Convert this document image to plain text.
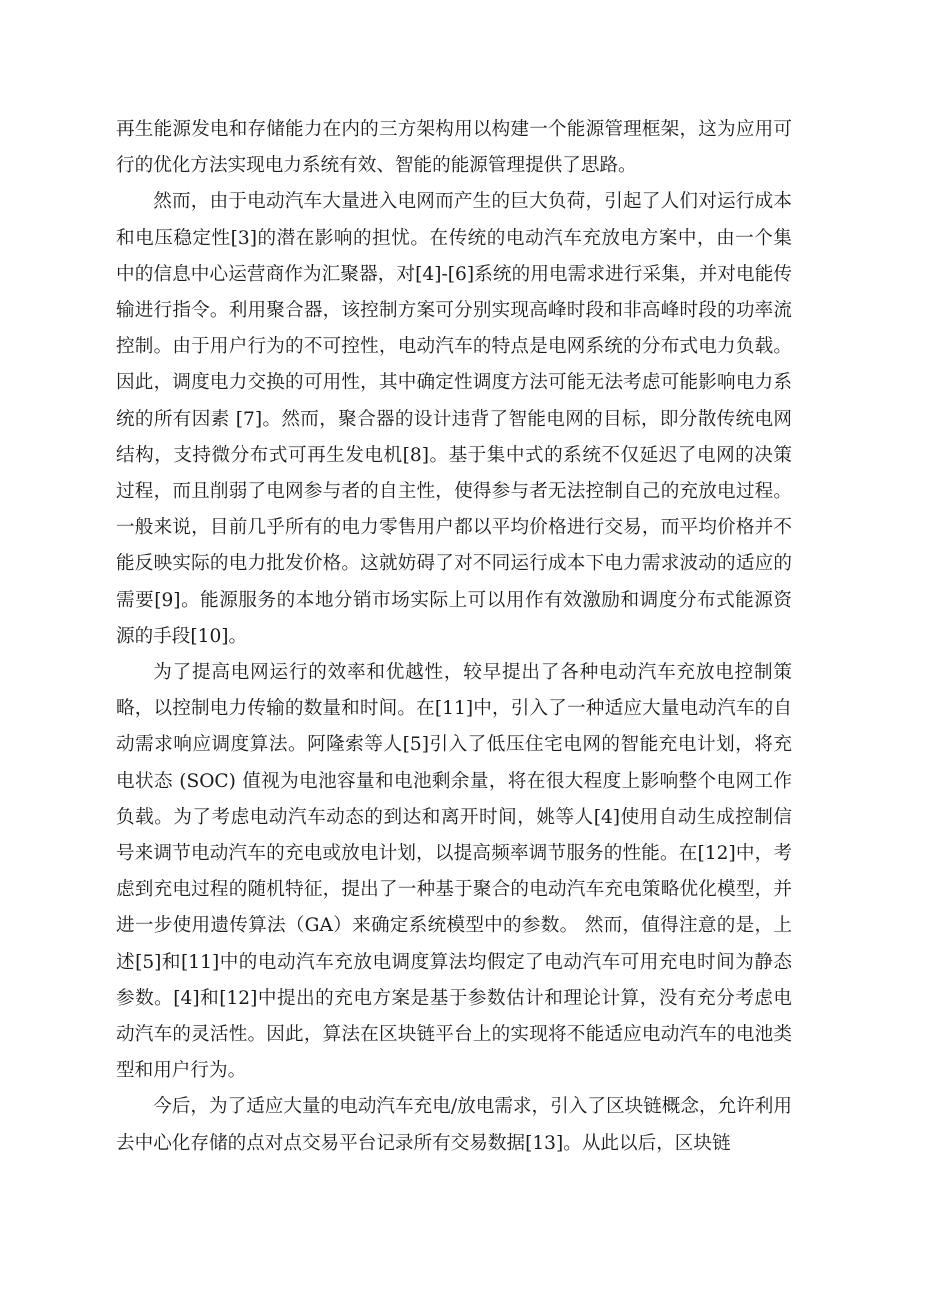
再生能源发电和存储能力在内的三方架构用以构建一个能源管理框架，这为应用可行的优化方法实现电力系统有效、智能的能源管理提供了思路。

然而，由于电动汽车大量进入电网而产生的巨大负荷，引起了人们对运行成本和电压稳定性[3]的潜在影响的担忧。在传统的电动汽车充放电方案中，由一个集中的信息中心运营商作为汇聚器，对[4]-[6]系统的用电需求进行采集，并对电能传输进行指令。利用聚合器，该控制方案可分别实现高峰时段和非高峰时段的功率流控制。由于用户行为的不可控性，电动汽车的特点是电网系统的分布式电力负载。因此，调度电力交换的可用性，其中确定性调度方法可能无法考虑可能影响电力系统的所有因素 [7]。然而，聚合器的设计违背了智能电网的目标，即分散传统电网结构，支持微分布式可再生发电机[8]。基于集中式的系统不仅延迟了电网的决策过程，而且削弱了电网参与者的自主性，使得参与者无法控制自己的充放电过程。一般来说，目前几乎所有的电力零售用户都以平均价格进行交易，而平均价格并不能反映实际的电力批发价格。这就妨碍了对不同运行成本下电力需求波动的适应的需要[9]。能源服务的本地分销市场实际上可以用作有效激励和调度分布式能源资源的手段[10]。

为了提高电网运行的效率和优越性，较早提出了各种电动汽车充放电控制策略，以控制电力传输的数量和时间。在[11]中，引入了一种适应大量电动汽车的自动需求响应调度算法。阿隆索等人[5]引入了低压住宅电网的智能充电计划，将充电状态 (SOC) 值视为电池容量和电池剩余量，将在很大程度上影响整个电网工作负载。为了考虑电动汽车动态的到达和离开时间，姚等人[4]使用自动生成控制信号来调节电动汽车的充电或放电计划，以提高频率调节服务的性能。在[12]中，考虑到充电过程的随机特征，提出了一种基于聚合的电动汽车充电策略优化模型，并进一步使用遗传算法（GA）来确定系统模型中的参数。 然而，值得注意的是，上述[5]和[11]中的电动汽车充放电调度算法均假定了电动汽车可用充电时间为静态参数。[4]和[12]中提出的充电方案是基于参数估计和理论计算，没有充分考虑电动汽车的灵活性。因此，算法在区块链平台上的实现将不能适应电动汽车的电池类型和用户行为。

今后，为了适应大量的电动汽车充电/放电需求，引入了区块链概念，允许利用去中心化存储的点对点交易平台记录所有交易数据[13]。从此以后，区块链
